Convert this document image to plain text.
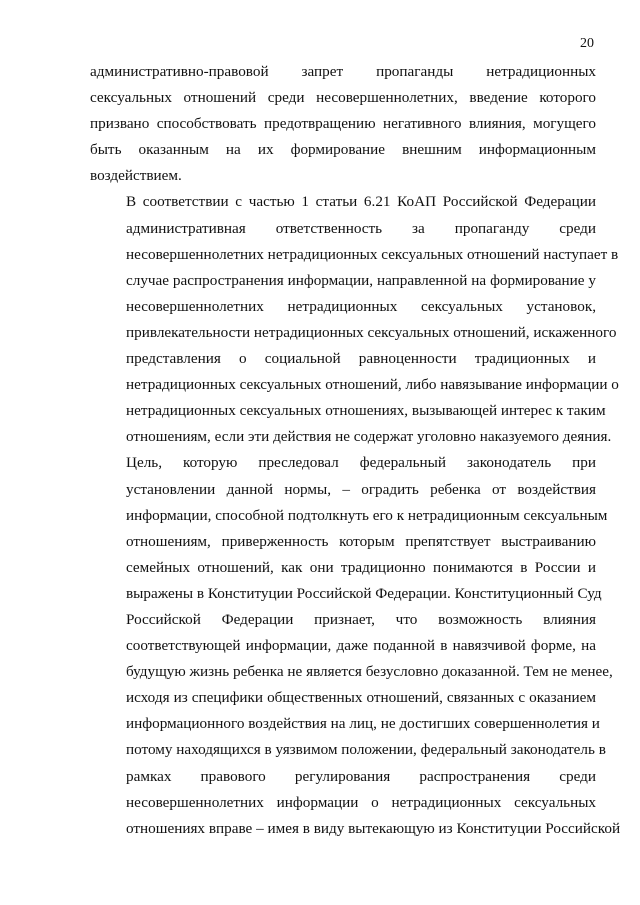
20

административно-правовой запрет пропаганды нетрадиционных
сексуальных отношений среди несовершеннолетних, введение которого
призвано способствовать предотвращению негативного влияния, могущего
быть оказанным на их формирование внешним информационным
воздействием.

В соответствии с частью 1 статьи 6.21 КоАП Российской Федерации
административная ответственность за пропаганду среди
несовершеннолетних нетрадиционных сексуальных отношений наступает в
случае распространения информации, направленной на формирование у
несовершеннолетних нетрадиционных сексуальных установок,
привлекательности нетрадиционных сексуальных отношений, искаженного
представления о социальной равноценности традиционных и
нетрадиционных сексуальных отношений, либо навязывание информации о
нетрадиционных сексуальных отношениях, вызывающей интерес к таким
отношениям, если эти действия не содержат уголовно наказуемого деяния.

Цель, которую преследовал федеральный законодатель при
установлении данной нормы, – оградить ребенка от воздействия
информации, способной подтолкнуть его к нетрадиционным сексуальным
отношениям, приверженность которым препятствует выстраиванию
семейных отношений, как они традиционно понимаются в России и
выражены в Конституции Российской Федерации. Конституционный Суд
Российской Федерации признает, что возможность влияния
соответствующей информации, даже поданной в навязчивой форме, на
будущую жизнь ребенка не является безусловно доказанной. Тем не менее,
исходя из специфики общественных отношений, связанных с оказанием
информационного воздействия на лиц, не достигших совершеннолетия и
потому находящихся в уязвимом положении, федеральный законодатель в
рамках правового регулирования распространения среди
несовершеннолетних информации о нетрадиционных сексуальных
отношениях вправе – имея в виду вытекающую из Конституции Российской
